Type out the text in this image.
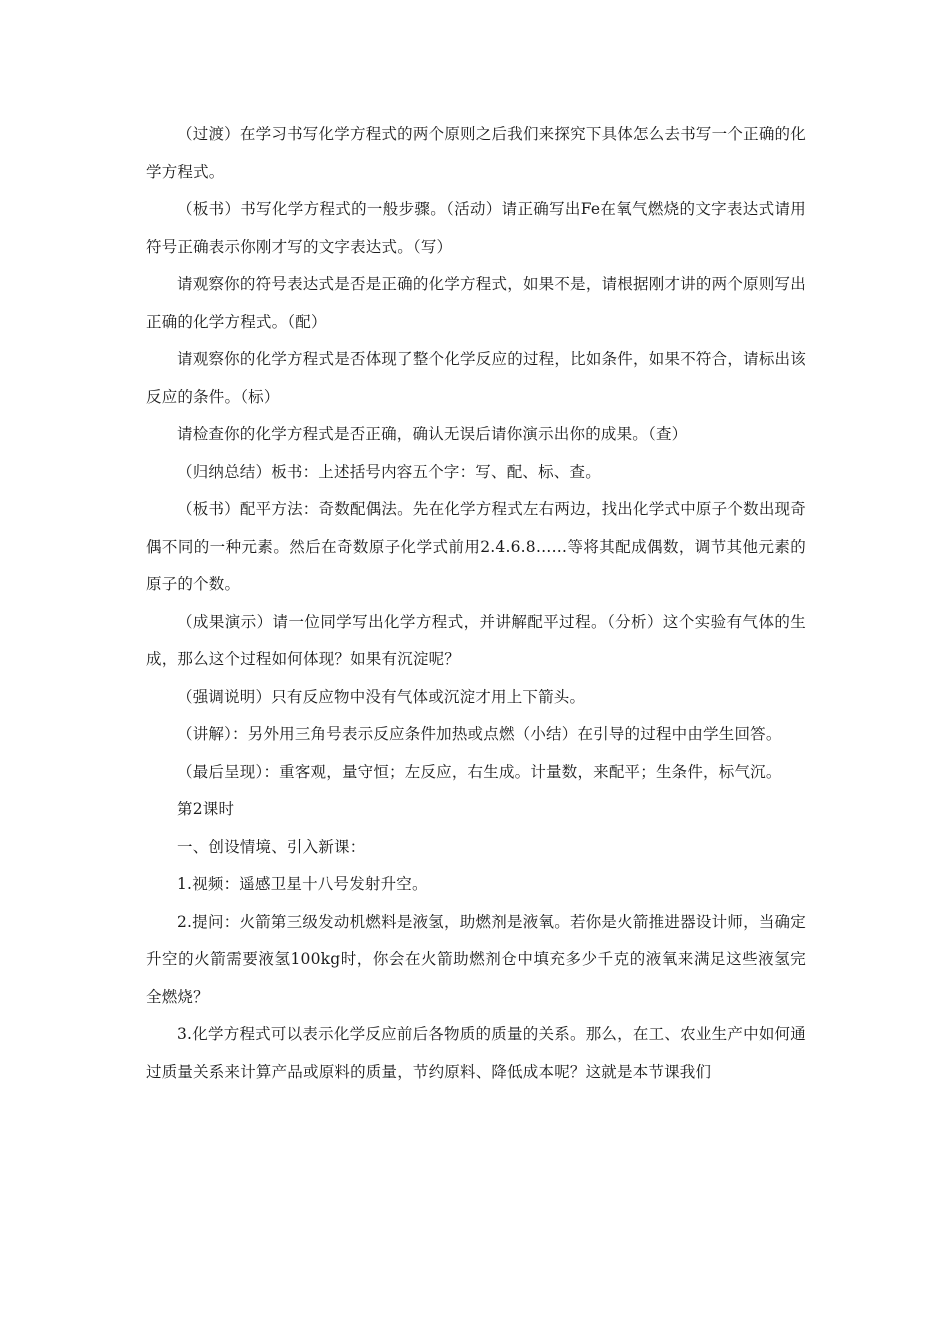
（过渡）在学习书写化学方程式的两个原则之后我们来探究下具体怎么去书写一个正确的化学方程式。

（板书）书写化学方程式的一般步骤。（活动）请正确写出Fe在氧气燃烧的文字表达式请用符号正确表示你刚才写的文字表达式。（写）

请观察你的符号表达式是否是正确的化学方程式，如果不是，请根据刚才讲的两个原则写出正确的化学方程式。（配）

请观察你的化学方程式是否体现了整个化学反应的过程，比如条件，如果不符合，请标出该反应的条件。（标）

请检查你的化学方程式是否正确，确认无误后请你演示出你的成果。（查）

（归纳总结）板书：上述括号内容五个字：写、配、标、查。

（板书）配平方法：奇数配偶法。先在化学方程式左右两边，找出化学式中原子个数出现奇偶不同的一种元素。然后在奇数原子化学式前用2.4.6.8……等将其配成偶数，调节其他元素的原子的个数。

（成果演示）请一位同学写出化学方程式，并讲解配平过程。（分析）这个实验有气体的生成，那么这个过程如何体现？如果有沉淀呢？

（强调说明）只有反应物中没有气体或沉淀才用上下箭头。

（讲解）：另外用三角号表示反应条件加热或点燃（小结）在引导的过程中由学生回答。

（最后呈现）：重客观，量守恒；左反应，右生成。计量数，来配平；生条件，标气沉。

第2课时

一、创设情境、引入新课：

1.视频：遥感卫星十八号发射升空。

2.提问：火箭第三级发动机燃料是液氢，助燃剂是液氧。若你是火箭推进器设计师，当确定升空的火箭需要液氢100kg时，你会在火箭助燃剂仓中填充多少千克的液氧来满足这些液氢完全燃烧？

3.化学方程式可以表示化学反应前后各物质的质量的关系。那么，在工、农业生产中如何通过质量关系来计算产品或原料的质量，节约原料、降低成本呢？这就是本节课我们
